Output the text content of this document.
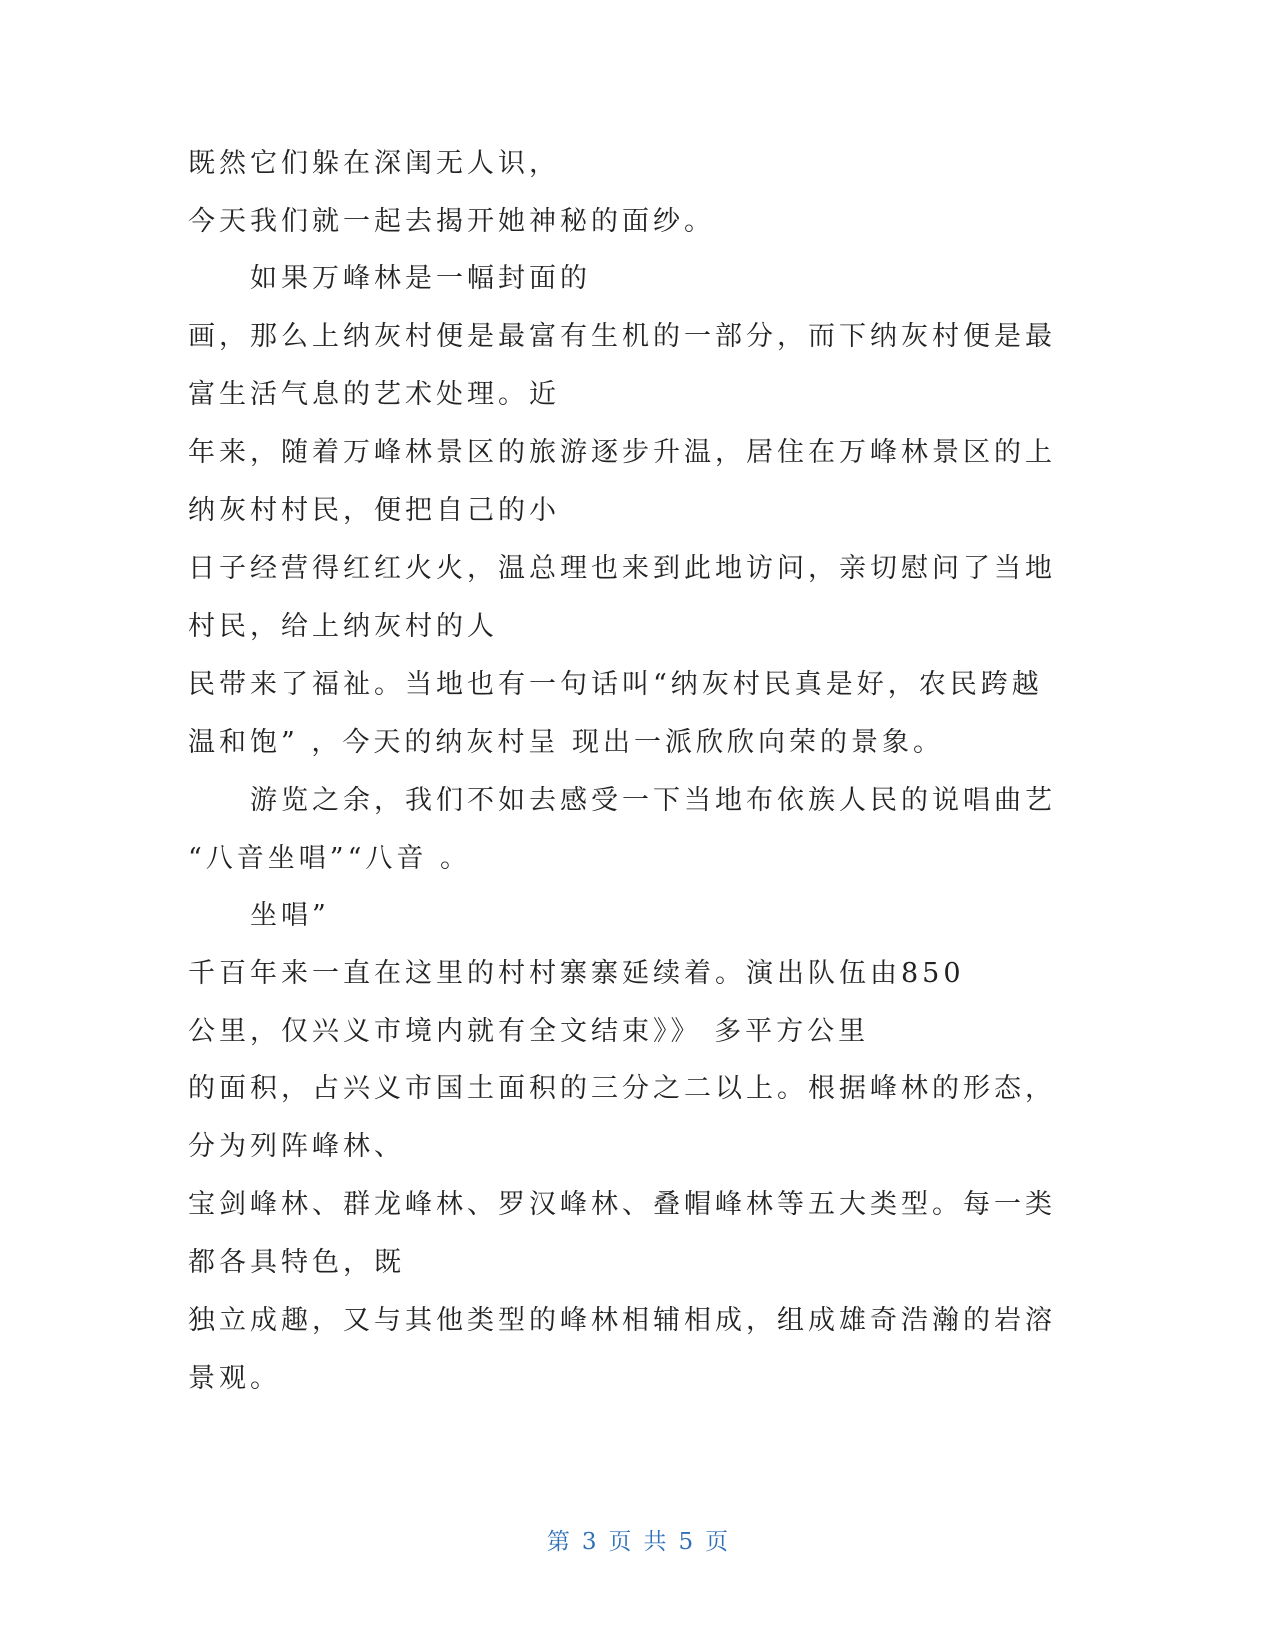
既然它们躲在深闺无人识，
今天我们就一起去揭开她神秘的面纱。
如果万峰林是一幅封面的
画，那么上纳灰村便是最富有生机的一部分，而下纳灰村便是最
富生活气息的艺术处理。近
年来，随着万峰林景区的旅游逐步升温，居住在万峰林景区的上
纳灰村村民，便把自己的小
日子经营得红红火火，温总理也来到此地访问，亲切慰问了当地
村民，给上纳灰村的人
民带来了福祉。当地也有一句话叫“纳灰村民真是好，农民跨越
温和饱” ，今天的纳灰村呈 现出一派欣欣向荣的景象。
游览之余，我们不如去感受一下当地布依族人民的说唱曲艺
“八音坐唱”“八音 。
坐唱”
千百年来一直在这里的村村寨寨延续着。演出队伍由850
公里，仅兴义市境内就有全文结束》》 多平方公里
的面积，占兴义市国土面积的三分之二以上。根据峰林的形态，
分为列阵峰林、
宝剑峰林、群龙峰林、罗汉峰林、叠帽峰林等五大类型。每一类
都各具特色，既
独立成趣，又与其他类型的峰林相辅相成，组成雄奇浩瀚的岩溶
景观。
第 3 页 共 5 页
